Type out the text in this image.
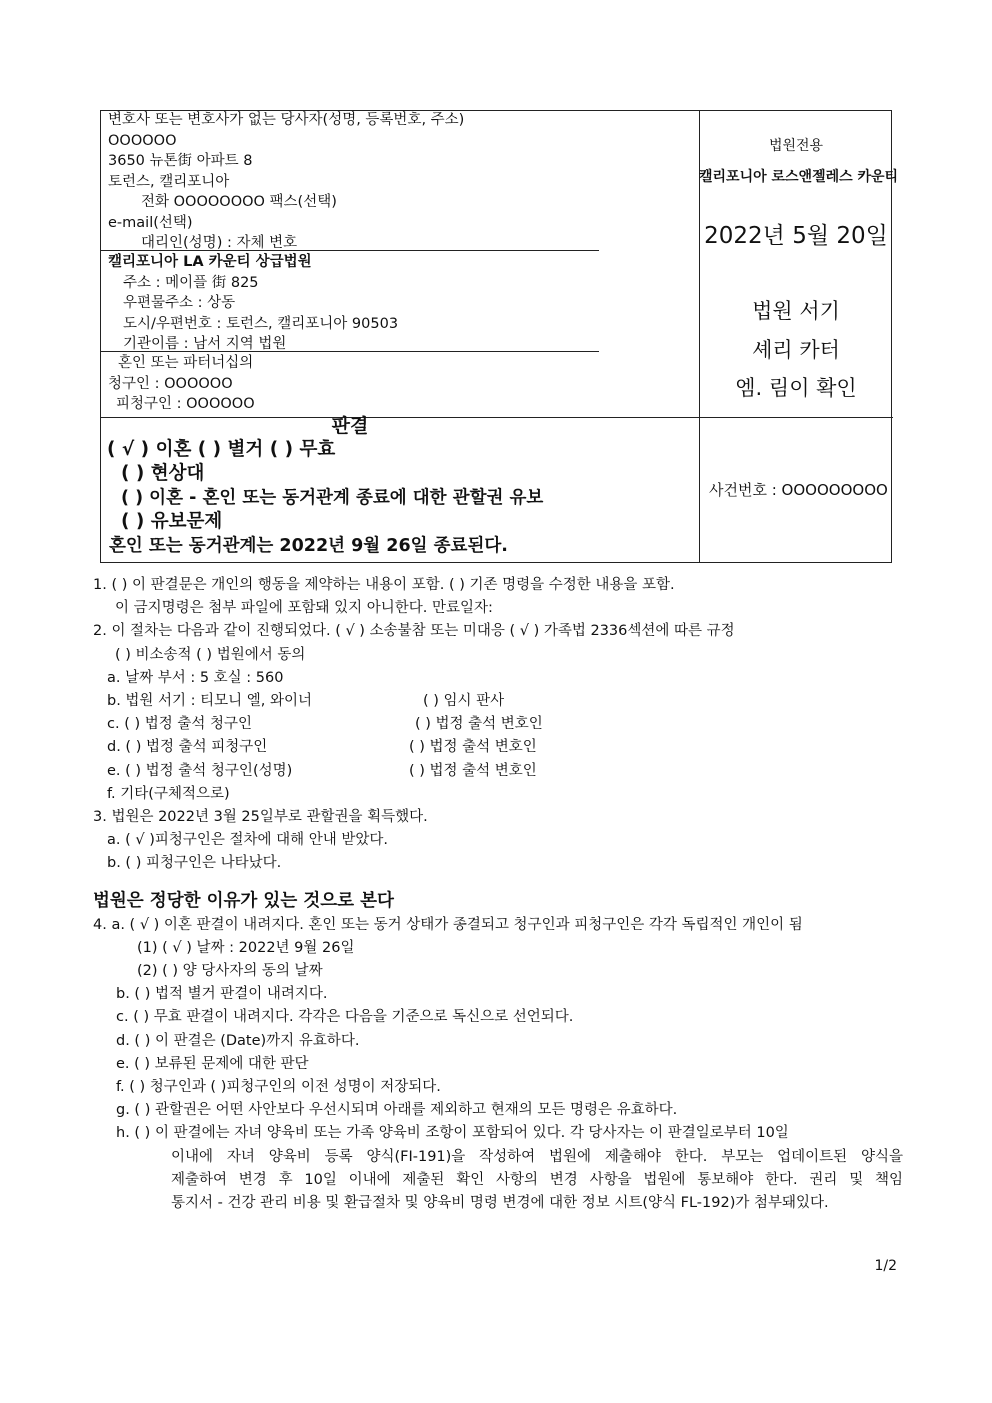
변호사 또는 변호사가 없는 당사자(성명, 등록번호, 주소)
OOOOOO
3650 뉴톤街 아파트 8
토런스, 캘리포니아
전화 OOOOOOOO 팩스(선택)
e-mail(선택)
대리인(성명) : 자체 변호
캘리포니아 LA 카운티 상급법원
주소 : 메이플 街 825
우편물주소 : 상동
도시/우편번호 : 토런스, 캘리포니아 90503
기관이름 : 남서 지역 법원
혼인 또는 파터너십의
청구인 : OOOOOO
피청구인 : OOOOOO
법원전용
캘리포니아 로스앤젤레스 카운티
2022년 5월 20일
법원 서기
셰리 카터
엠. 림이 확인
판결
( √ ) 이혼 ( ) 별거 ( ) 무효
( ) 현상대
( ) 이혼 - 혼인 또는 동거관계 종료에 대한 관할권 유보
( ) 유보문제
혼인 또는 동거관계는 2022년 9월 26일 종료된다.
사건번호 : OOOOOOOOO
1. ( ) 이 판결문은 개인의 행동을 제약하는 내용이 포함. ( ) 기존 명령을 수정한 내용을 포함.
이 금지명령은 첨부 파일에 포함돼 있지 아니한다. 만료일자:
2. 이 절차는 다음과 같이 진행되었다. ( √ ) 소송불참 또는 미대응 ( √ ) 가족법 2336섹션에 따른 규정
( ) 비소송적 ( ) 법원에서 동의
a. 날짜 부서 : 5 호실 : 560
b. 법원 서기 : 티모니 엘, 와이너	( ) 임시 판사
c. ( ) 법정 출석 청구인	( ) 법정 출석 변호인
d. ( ) 법정 출석 피청구인	( ) 법정 출석 변호인
e. ( ) 법정 출석 청구인(성명)	( ) 법정 출석 변호인
f. 기타(구체적으로)
3. 법원은 2022년 3월 25일부로 관할권을 획득했다.
a. ( √ )피청구인은 절차에 대해 안내 받았다.
b. ( ) 피청구인은 나타났다.
법원은 정당한 이유가 있는 것으로 본다
4. a. ( √ ) 이혼 판결이 내려지다. 혼인 또는 동거 상태가 종결되고 청구인과 피청구인은 각각 독립적인 개인이 됨
(1) ( √ ) 날짜 : 2022년 9월 26일
(2) ( ) 양 당사자의 동의 날짜
b. ( ) 법적 별거 판결이 내려지다.
c. ( ) 무효 판결이 내려지다. 각각은 다음을 기준으로 독신으로 선언되다.
d. ( ) 이 판결은 (Date)까지 유효하다.
e. ( ) 보류된 문제에 대한 판단
f. ( ) 청구인과 ( )피청구인의 이전 성명이 저장되다.
g. ( ) 관할권은 어떤 사안보다 우선시되며 아래를 제외하고 현재의 모든 명령은 유효하다.
h. ( ) 이 판결에는 자녀 양육비 또는 가족 양육비 조항이 포함되어 있다. 각 당사자는 이 판결일로부터 10일
이내에 자녀 양육비 등록 양식(FI-191)을 작성하여 법원에 제출해야 한다. 부모는 업데이트된 양식을
제출하여 변경 후 10일 이내에 제출된 확인 사항의 변경 사항을 법원에 통보해야 한다. 권리 및 책임
통지서 - 건강 관리 비용 및 환급절차 및 양육비 명령 변경에 대한 정보 시트(양식 FL-192)가 첨부돼있다.
1/2
